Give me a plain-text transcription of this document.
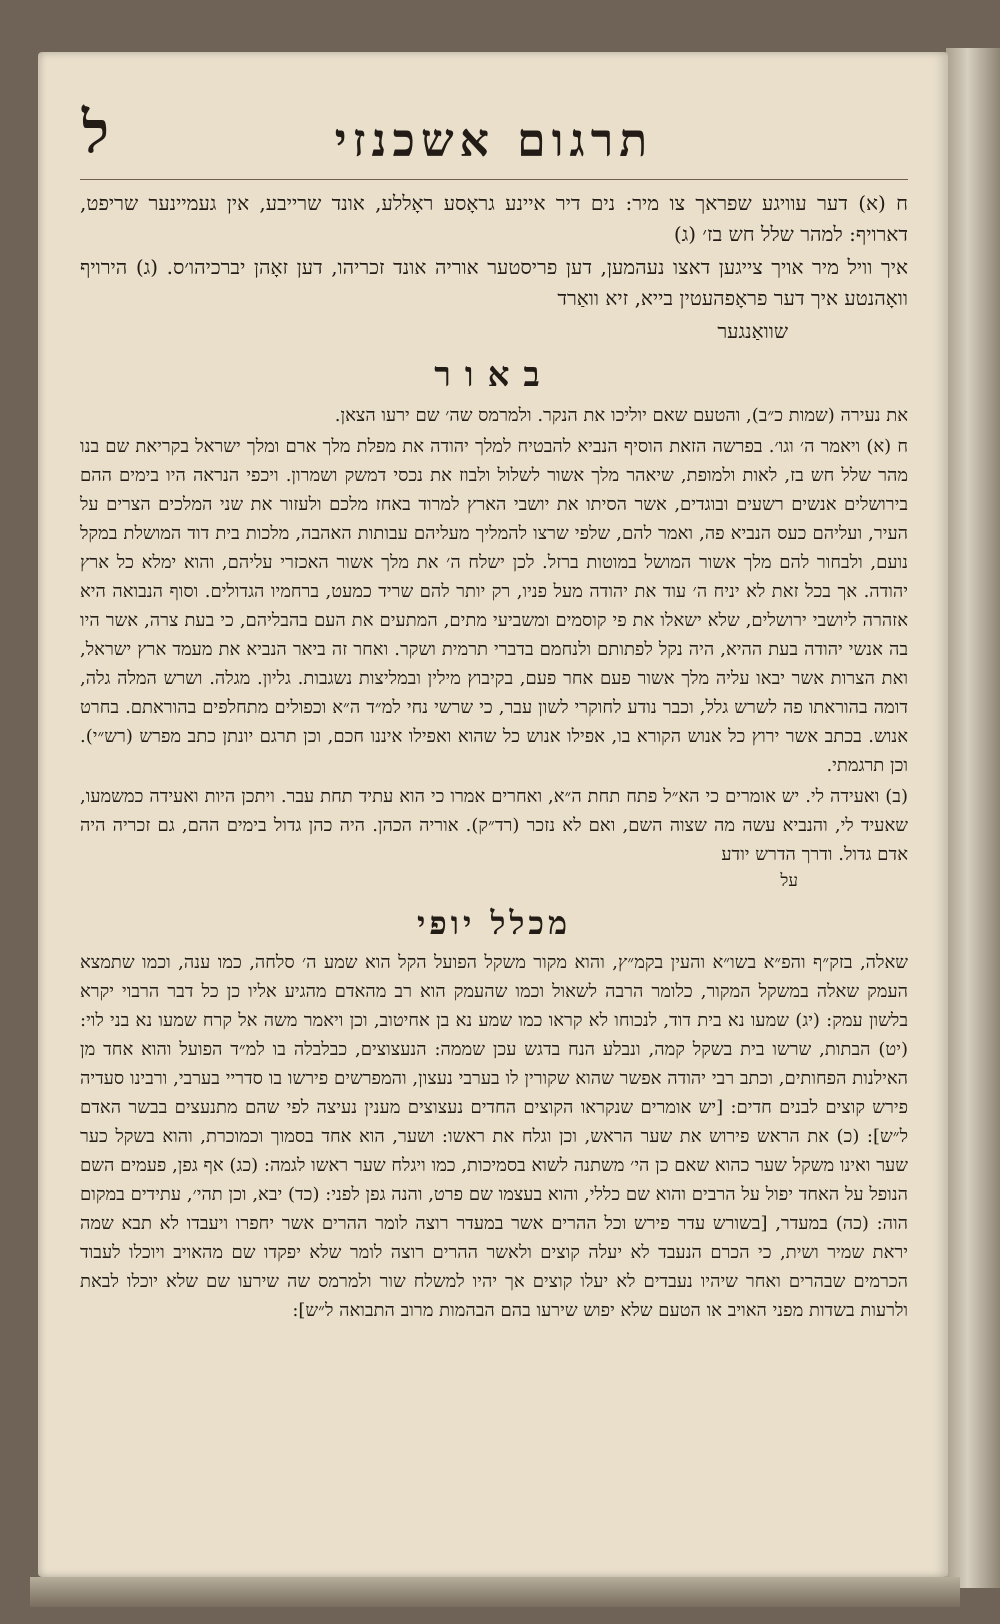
תרגום אשכנזי
ל

ח (א) דער עוויגע שפראך צו מיר: נים דיר איינע גראָסע ראָללע, אונד שרייבע, אין געמיינער שריפט, דארויף: למהר שלל חש בז׳ (ג)

איך וויל מיר אויך צייגען דאצו נעהמען, דען פריסטער אוריה אונד זכריהו, דען זאָהן יברכיהו׳ס. (ג) הירויף וואָהנטע איך דער פראָפהעטין בייא, זיא וואַרד

שוואַנגער

באור

את נעירה (שמות כ״ב), והטעם שאם יוליכו את הנקר. ולמרמס שה׳ שם ירעו הצאן.

ח (א) ויאמר ה׳ וגו׳. בפרשה הזאת הוסיף הנביא להבטיח למלך יהודה את מפלת מלך ארם ומלך ישראל בקריאת שם בנו מהר שלל חש בז, לאות ולמופת, שיאהר מלך אשור לשלול ולבוז את נכסי דמשק ושמרון. ויכפי הנראה היו בימים ההם בירושלים אנשים רשעים ובוגדים, אשר הסיתו את יושבי הארץ למרוד באחז מלכם ולעזור את שני המלכים הצרים על העיר, ועליהם כעס הנביא פה, ואמר להם, שלפי שרצו להמליך מעליהם עבותות האהבה, מלכות בית דוד המושלת במקל נועם, ולבחור להם מלך אשור המושל במוטות ברזל. לכן ישלח ה׳ את מלך אשור האכזרי עליהם, והוא ימלא כל ארץ יהודה. אך בכל זאת לא יניח ה׳ עוד את יהודה מעל פניו, רק יותר להם שריד כמעט, ברחמיו הגדולים. וסוף הנבואה היא אזהרה ליושבי ירושלים, שלא ישאלו את פי קוסמים ומשביעי מתים, המתעים את העם בהבליהם, כי בעת צרה, אשר היו בה אנשי יהודה בעת ההיא, היה נקל לפתותם ולנחמם בדברי תרמית ושקר. ואחר זה ביאר הנביא את מעמד ארץ ישראל, ואת הצרות אשר יבאו עליה מלך אשור פעם אחר פעם, בקיבוץ מילין ובמליצות נשגבות. גליון. מגלה. ושרש המלה גלה, דומה בהוראתו פה לשרש גלל, וכבר נודע לחוקרי לשון עבר, כי שרשי נחי למ״ד ה״א וכפולים מתחלפים בהוראתם. בחרט אנוש. בכתב אשר ירוץ כל אנוש הקורא בו, אפילו אנוש כל שהוא ואפילו איננו חכם, וכן תרגם יונתן כתב מפרש (רש״י). וכן תרגמתי.

(ב) ואעידה לי. יש אומרים כי הא״ל פתח תחת ה״א, ואחרים אמרו כי הוא עתיד תחת עבר. ויתכן היות ואעידה כמשמעו, שאעיד לי, והנביא עשה מה שצוה השם, ואם לא נזכר (רד״ק). אוריה הכהן. היה כהן גדול בימים ההם, גם זכריה היה אדם גדול. ודרך הדרש יודע

על

מכלל יופי

שאלה, בזק״ף והפ״א בשו״א והעין בקמ״ץ, והוא מקור משקל הפועל הקל הוא שמע ה׳ סלחה, כמו ענה, וכמו שתמצא העמק שאלה במשקל המקור, כלומר הרבה לשאול וכמו שהעמק הוא רב מהאדם מהגיע אליו כן כל דבר הרבוי יקרא בלשון עמק: (יג) שמעו נא בית דוד, לנכוחו לא קראו כמו שמע נא בן אחיטוב, וכן ויאמר משה אל קרח שמעו נא בני לוי: (יט) הבתות, שרשו בית בשקל קמה, ונבלע הנח בדגש עכן שממה: הנעצוצים, כבלבלה בו למ״ד הפועל והוא אחד מן האילנות הפחותים, וכתב רבי יהודה אפשר שהוא שקורין לו בערבי נעצון, והמפרשים פירשו בו סדריי בערבי, ורבינו סעדיה פירש קוצים לבנים חדים: [יש אומרים שנקראו הקוצים החדים נעצוצים מענין נעיצה לפי שהם מתנעצים בבשר האדם ל״ש]: (כ) את הראש פירוש את שער הראש, וכן וגלח את ראשו: ושער, הוא אחד בסמוך וכמוכרת, והוא בשקל כער שער ואינו משקל שער כהוא שאם כן הי׳ משתנה לשוא בסמיכות, כמו ויגלח שער ראשו לגמה: (כג) אף גפן, פעמים השם הנופל על האחד יפול על הרבים והוא שם כללי, והוא בעצמו שם פרט, והנה גפן לפני: (כד) יבא, וכן תהי׳, עתידים במקום הוה: (כה) במעדר, [בשורש עדר פירש וכל ההרים אשר במעדר רוצה לומר ההרים אשר יחפרו ויעבדו לא תבא שמה יראת שמיר ושית, כי הכרם הנעבד לא יעלה קוצים ולאשר ההרים רוצה לומר שלא יפקדו שם מהאויב ויוכלו לעבוד הכרמים שבהרים ואחר שיהיו נעבדים לא יעלו קוצים אך יהיו למשלח שור ולמרמס שה שירעו שם שלא יוכלו לבאת ולרעות בשדות מפני האויב או הטעם שלא יפוש שירעו בהם הבהמות מרוב התבואה ל״ש]:
